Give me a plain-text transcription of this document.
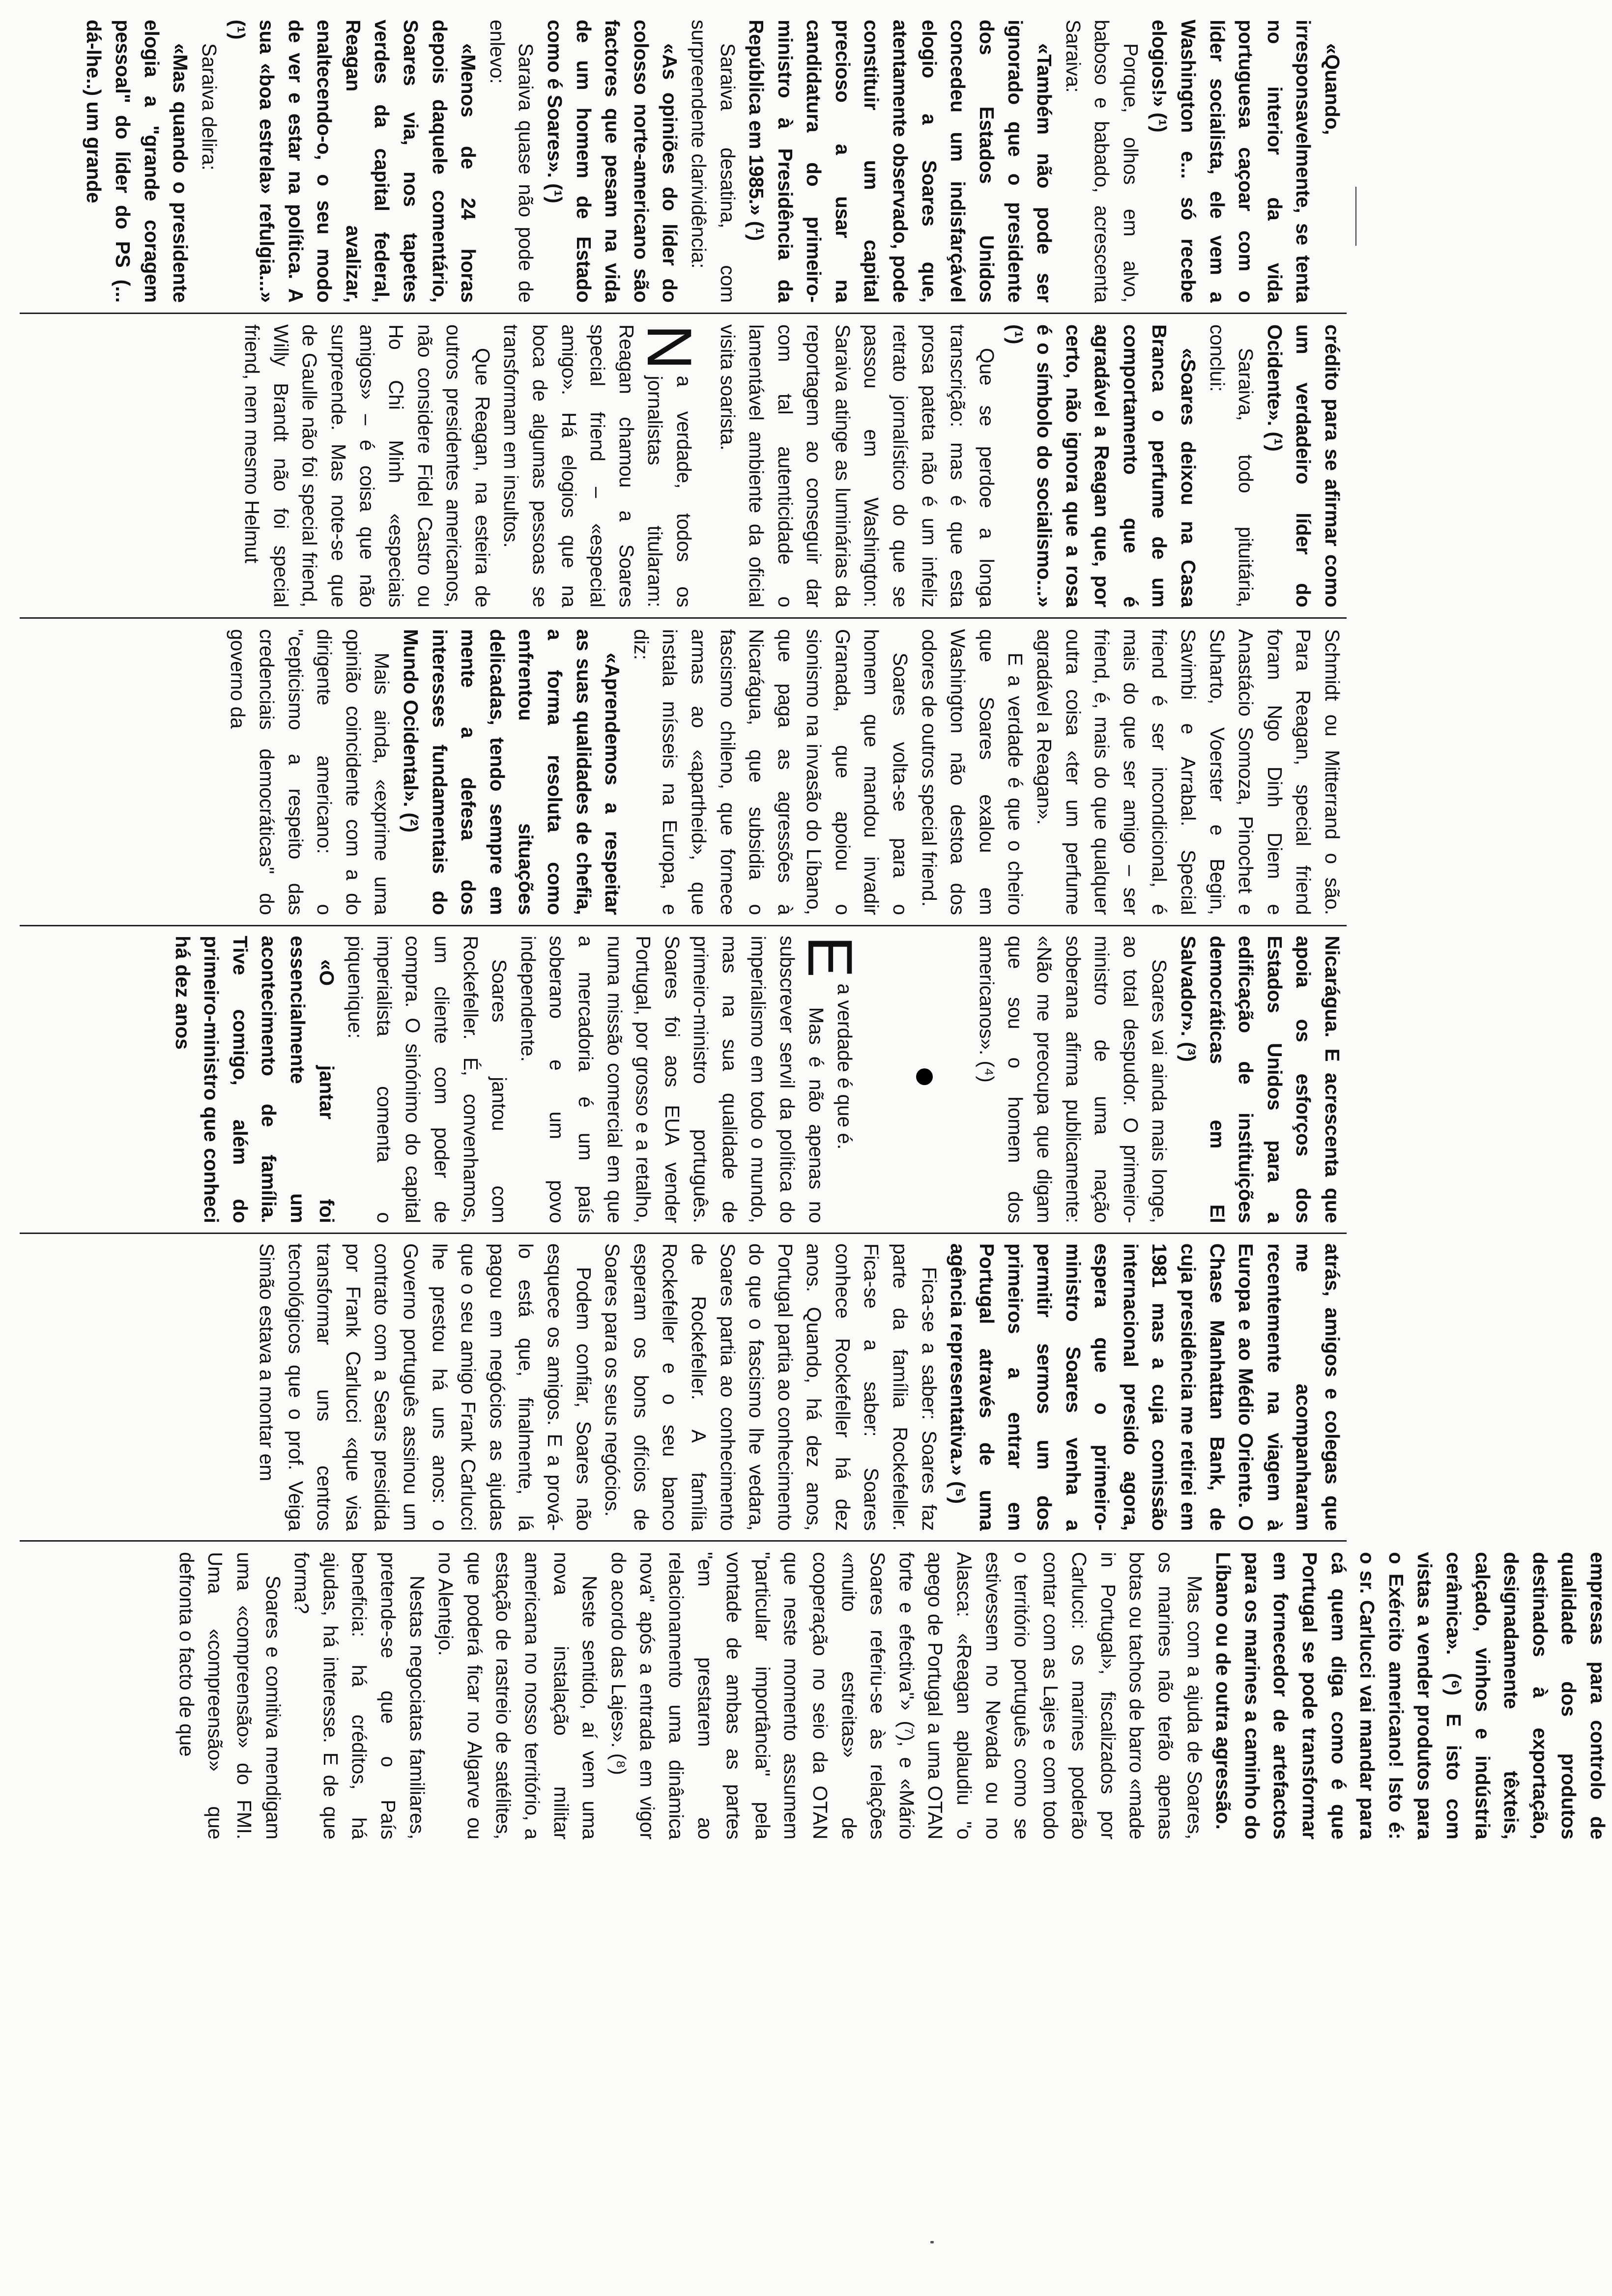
«Quando, irresponsavelmente, se tenta no interior da vida portuguesa caçoar com o líder socialista, ele vem a Washington e... só recebe elogios!» (¹)

Porque, olhos em alvo, baboso e babado, acrescenta Saraiva:

«Também não pode ser ignorado que o presidente dos Estados Unidos concedeu um indisfarçável elogio a Soares que, atentamente observado, pode constituir um capital precioso a usar na candidatura do primeiro-ministro à Presidência da República em 1985.» (¹)

Saraiva desatina, com surpreendente clarividência:

«As opiniões do líder do colosso norte-americano são factores que pesam na vida de um homem de Estado como é Soares». (¹)

Saraiva quase não pode de enlevo:

«Menos de 24 horas depois daquele comentário, Soares via, nos tapetes verdes da capital federal, Reagan avalizar, enaltecendo-o, o seu modo de ver e estar na política. A sua «boa estrela» refulgia...» (¹)

Saraiva delira:

«Mas quando o presidente elogia a "grande coragem pessoal" do líder do PS (... dá-lhe..) um grande

crédito para se afirmar como um verdadeiro líder do Ocidente». (¹)

Saraiva, todo pituitária, conclui:

«Soares deixou na Casa Branca o perfume de um comportamento que é agradável a Reagan que, por certo, não ignora que a rosa é o símbolo do socialismo...» (¹)

Que se perdoe a longa transcrição: mas é que esta prosa pateta não é um infeliz retrato jornalístico do que se passou em Washington: Saraiva atinge as luminárias da reportagem ao conseguir dar com tal autenticidade o lamentável ambiente da oficial visita soarista.

N
a verdade, todos os jornalistas titularam: Reagan chamou a Soares special friend – «especial amigo». Há elogios que na boca de algumas pessoas se transformam em insultos.

Que Reagan, na esteira de outros presidentes americanos, não considere Fidel Castro ou Ho Chi Minh «especiais amigos» – é coisa que não surpreende. Mas note-se que de Gaulle não foi special friend, Willy Brandt não foi special friend, nem mesmo Helmut

Schmidt ou Mitterrand o são. Para Reagan, special friend foram Ngo Dinh Diem e Anastácio Somoza, Pinochet e Suharto, Voerster e Begin, Savimbi e Arrabal. Special friend é ser incondicional, é mais do que ser amigo – ser friend, é, mais do que qualquer outra coisa «ter um perfume agradável a Reagan».

E a verdade é que o cheiro que Soares exalou em Washington não destoa dos odores de outros special friend.

Soares volta-se para o homem que mandou invadir Granada, que apoiou o sionismo na invasão do Líbano, que paga as agressões à Nicarágua, que subsidia o fascismo chileno, que fornece armas ao «apartheid», que instala mísseis na Europa, e diz:

«Aprendemos a respeitar as suas qualidades de chefia, a forma resoluta como enfrentou situações delicadas, tendo sempre em mente a defesa dos interesses fundamentais do Mundo Ocidental». (²)

Mais ainda, «exprime uma opinião coincidente com a do dirigente americano: o "cepticismo a respeito das credenciais democráticas" do governo da

Nicarágua. E acrescenta que apoia os esforços dos Estados Unidos para a edificação de instituições democráticas em El Salvador». (³)

Soares vai ainda mais longe, ao total despudor. O primeiro-ministro de uma nação soberana afirma publicamente: «Não me preocupa que digam que sou o homem dos americanos». (⁴)

E
a verdade é que é.

Mas é não apenas no subscrever servil da política do imperialismo em todo o mundo, mas na sua qualidade de primeiro-ministro português. Soares foi aos EUA vender Portugal, por grosso e a retalho, numa missão comercial em que a mercadoria é um país soberano e um povo independente.

Soares jantou com Rockefeller. É, convenhamos, um cliente com poder de compra. O sinónimo do capital imperialista comenta o piquenique:

«O jantar foi essencialmente um acontecimento de família. Tive comigo, além do primeiro-ministro que conheci há dez anos

atrás, amigos e colegas que me acompanharam recentemente na viagem à Europa e ao Médio Oriente. O Chase Manhattan Bank, de cuja presidência me retirei em 1981 mas a cuja comissão internacional presido agora, espera que o primeiro-ministro Soares venha a permitir sermos um dos primeiros a entrar em Portugal através de uma agência representativa.» (⁵)

Fica-se a saber: Soares faz parte da família Rockefeller. Fica-se a saber: Soares conhece Rockefeller há dez anos. Quando, há dez anos, Portugal partia ao conhecimento do que o fascismo lhe vedara, Soares partia ao conhecimento de Rockefeller. A família Rockefeller e o seu banco esperam os bons ofícios de Soares para os seus negócios.

Podem confiar, Soares não esquece os amigos. E a prová-lo está que, finalmente, lá pagou em negócios as ajudas que o seu amigo Frank Carlucci lhe prestou há uns anos: o Governo português assinou um contrato com a Sears presidida por Frank Carlucci «que visa transformar uns centros tecnológicos que o prof. Veiga Simão estava a montar em

empresas para controlo de qualidade dos produtos destinados à exportação, designadamente têxteis, calçado, vinhos e indústria cerâmica». (⁶) E isto com vistas a vender produtos para o Exército americano! Isto é: o sr. Carlucci vai mandar para cá quem diga como é que Portugal se pode transformar em fornecedor de artefactos para os marines a caminho do Líbano ou de outra agressão.

Mas com a ajuda de Soares, os marines não terão apenas botas ou tachos de barro «made in Portugal», fiscalizados por Carlucci: os marines poderão contar com as Lajes e com todo o território português como se estivessem no Nevada ou no Alasca: «Reagan aplaudiu "o apego de Portugal a uma OTAN forte e efectiva"» (⁷), e «Mário Soares referiu-se às relações «muito estreitas» de cooperação no seio da OTAN que neste momento assumem "particular importância" pela vontade de ambas as partes "em prestarem ao relacionamento uma dinâmica nova" após a entrada em vigor do acordo das Lajes». (⁸)

Neste sentido, aí vem uma nova instalação militar americana no nosso território, a estação de rastreio de satélites, que poderá ficar no Algarve ou no Alentejo.

Nestas negociatas familiares, pretende-se que o País beneficia: há créditos, há ajudas, há interesse. E de que forma?

Soares e comitiva mendigam uma «compreensão» do FMI. Uma «compreensão» que defronta o facto de que
